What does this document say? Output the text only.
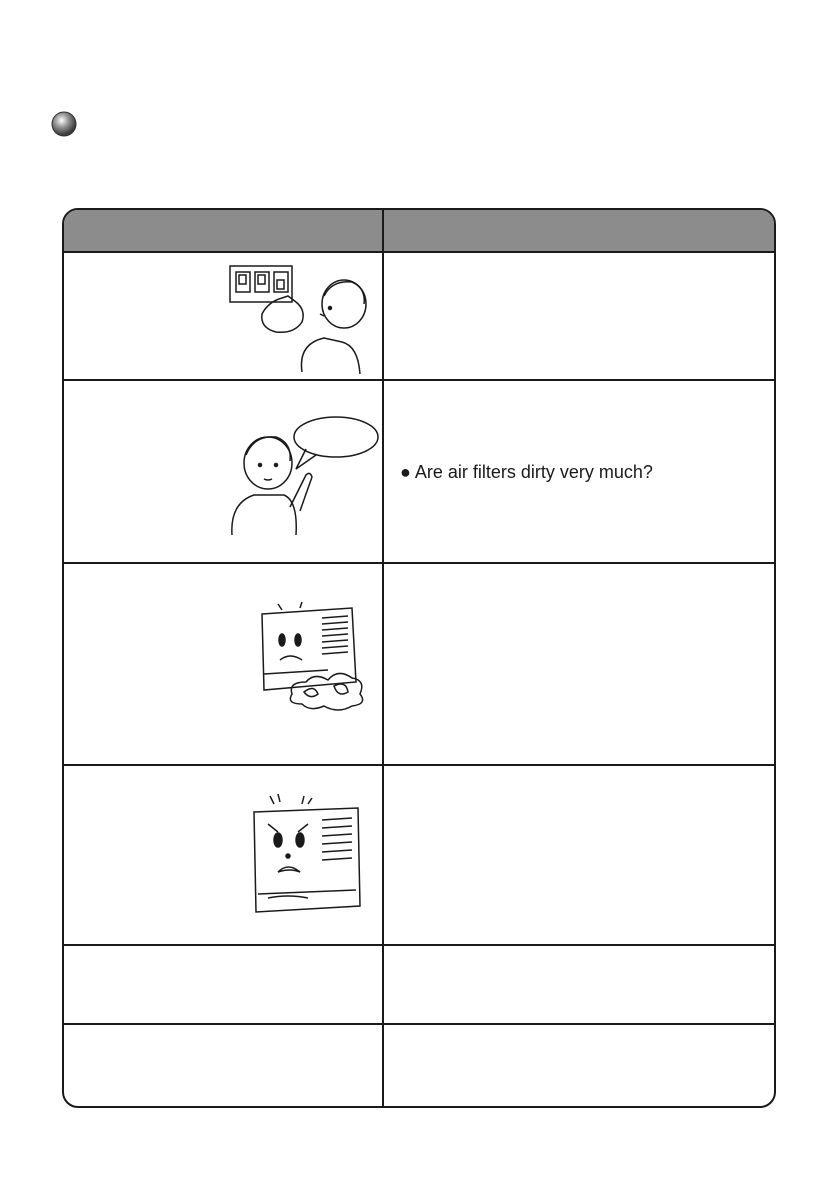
● Are air filters dirty very much?
